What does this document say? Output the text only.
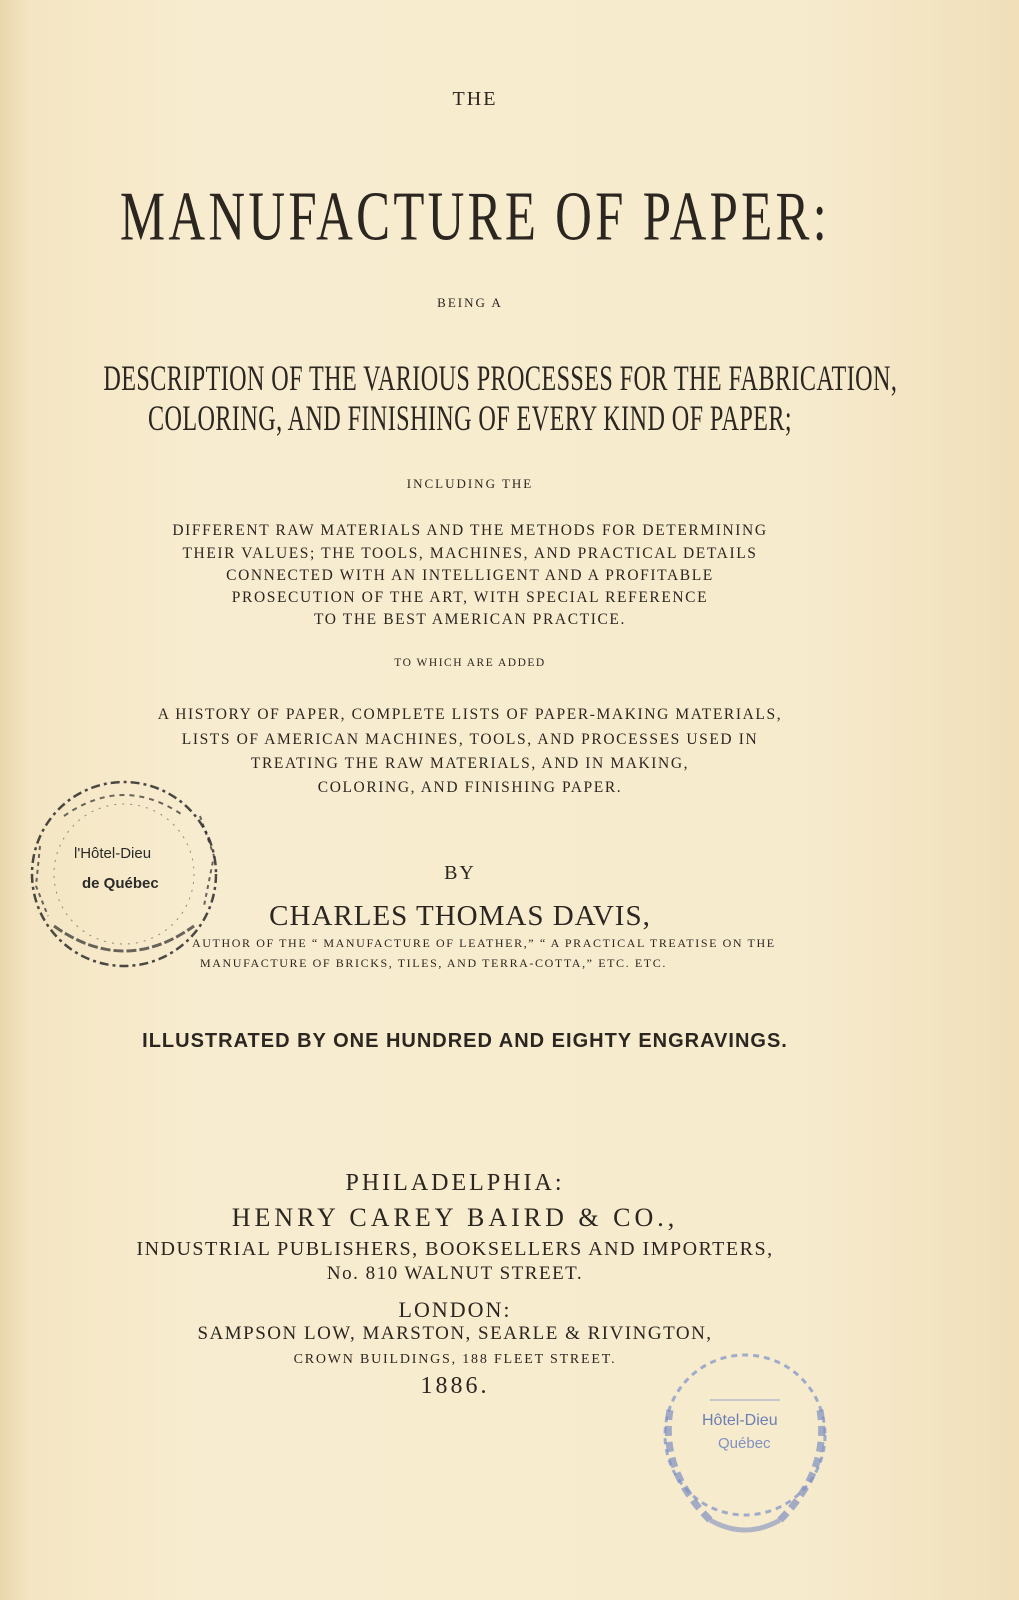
THE
MANUFACTURE OF PAPER:
BEING A
DESCRIPTION OF THE VARIOUS PROCESSES FOR THE FABRICATION,
COLORING, AND FINISHING OF EVERY KIND OF PAPER;
INCLUDING THE
DIFFERENT RAW MATERIALS AND THE METHODS FOR DETERMINING
THEIR VALUES; THE TOOLS, MACHINES, AND PRACTICAL DETAILS
CONNECTED WITH AN INTELLIGENT AND A PROFITABLE
PROSECUTION OF THE ART, WITH SPECIAL REFERENCE
TO THE BEST AMERICAN PRACTICE.
TO WHICH ARE ADDED
A HISTORY OF PAPER, COMPLETE LISTS OF PAPER-MAKING MATERIALS,
LISTS OF AMERICAN MACHINES, TOOLS, AND PROCESSES USED IN
TREATING THE RAW MATERIALS, AND IN MAKING,
COLORING, AND FINISHING PAPER.
BY
CHARLES THOMAS DAVIS,
AUTHOR OF THE “ MANUFACTURE OF LEATHER,” “ A PRACTICAL TREATISE ON THE
MANUFACTURE OF BRICKS, TILES, AND TERRA-COTTA,” ETC. ETC.
ILLUSTRATED BY ONE HUNDRED AND EIGHTY ENGRAVINGS.
PHILADELPHIA:
HENRY CAREY BAIRD & CO.,
INDUSTRIAL PUBLISHERS, BOOKSELLERS AND IMPORTERS,
No. 810 WALNUT STREET.
LONDON:
SAMPSON LOW, MARSTON, SEARLE & RIVINGTON,
CROWN BUILDINGS, 188 FLEET STREET.
1886.
l'Hôtel-Dieu
de Québec
Hôtel-Dieu
Québec
